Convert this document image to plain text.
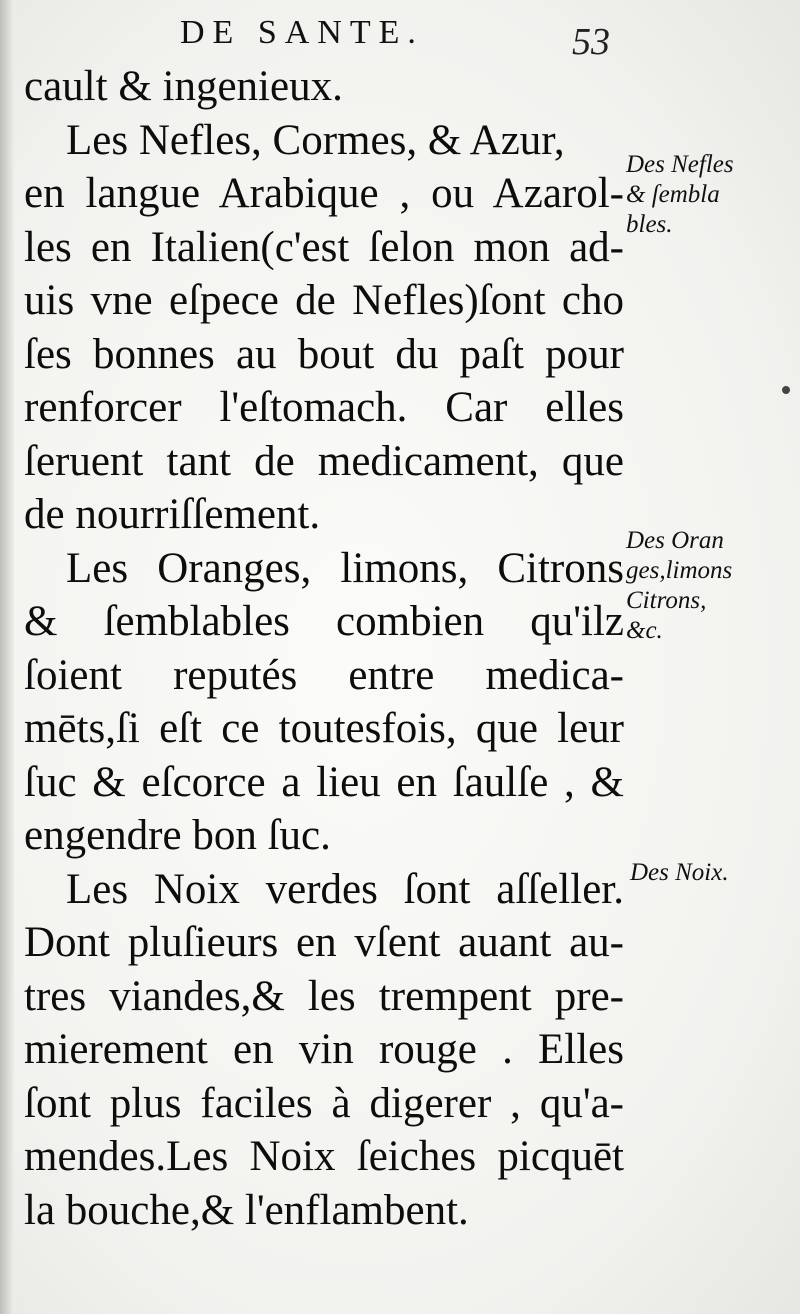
DE SANTE.	53
cault & ingenieux.
Les Nefles, Cormes, & Azur,
en langue Arabique , ou Azarol-
les en Italien(c'est ſelon mon ad-
uis vne eſpece de Nefles)ſont cho
ſes bonnes au bout du paſt pour
renforcer l'eſtomach. Car elles
ſeruent tant de medicament, que
de nourriſſement.
Les Oranges, limons, Citrons
& ſemblables combien qu'ilz
ſoient reputés entre medica-
mēts,ſi eſt ce toutesfois, que leur
ſuc & eſcorce a lieu en ſaulſe , &
engendre bon ſuc.
Les Noix verdes ſont aſſeller.
Dont pluſieurs en vſent auant au-
tres viandes,& les trempent pre-
mierement en vin rouge . Elles
ſont plus faciles à digerer , qu'a-
mendes.Les Noix ſeiches picquēt
la bouche,& l'enflambent.
Des Nefles
& ſembla
bles.
Des Oran
ges,limons
Citrons,
&c.
Des Noix.
